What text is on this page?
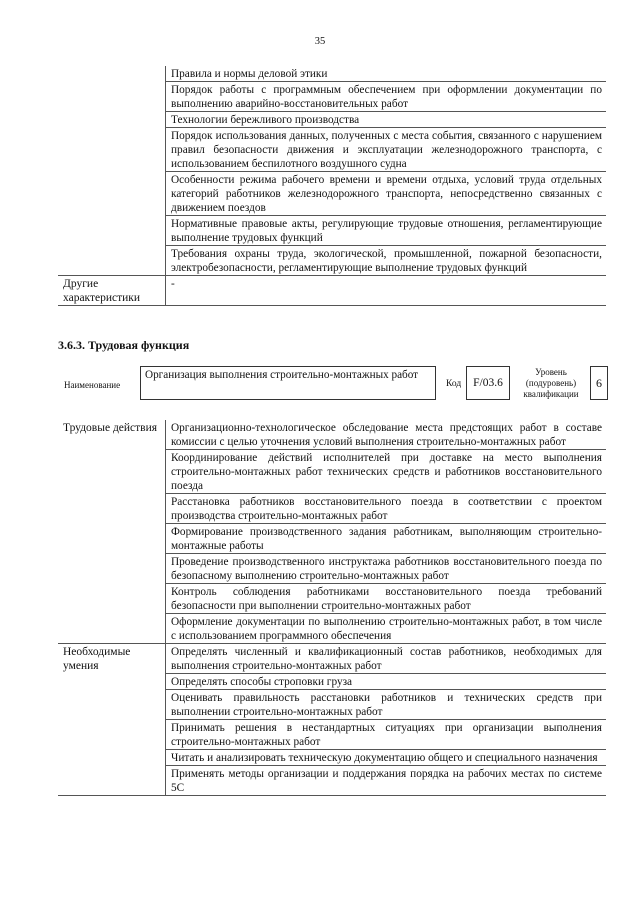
35
	Правила и нормы деловой этики
	Порядок работы с программным обеспечением при оформлении документации по выполнению аварийно-восстановительных работ
	Технологии бережливого производства
	Порядок использования данных, полученных с места события, связанного с нарушением правил безопасности движения и эксплуатации железнодорожного транспорта, с использованием беспилотного воздушного судна
	Особенности режима рабочего времени и времени отдыха, условий труда отдельных категорий работников железнодорожного транспорта, непосредственно связанных с движением поездов
	Нормативные правовые акты, регулирующие трудовые отношения, регламентирующие выполнение трудовых функций
	Требования охраны труда, экологической, промышленной, пожарной безопасности, электробезопасности, регламентирующие выполнение трудовых функций
Другие характеристики	-
3.6.3. Трудовая функция
Наименование
Организация выполнения строительно-монтажных работ
Код	F/03.6
Уровень (подуровень) квалификации
6
Трудовые действия	Организационно-технологическое обследование места предстоящих работ в составе комиссии с целью уточнения условий выполнения строительно-монтажных работ
	Координирование действий исполнителей при доставке на место выполнения строительно-монтажных работ технических средств и работников восстановительного поезда
	Расстановка работников восстановительного поезда в соответствии с проектом производства строительно-монтажных работ
	Формирование производственного задания работникам, выполняющим строительно-монтажные работы
	Проведение производственного инструктажа работников восстановительного поезда по безопасному выполнению строительно-монтажных работ
	Контроль соблюдения работниками восстановительного поезда требований безопасности при выполнении строительно-монтажных работ
	Оформление документации по выполнению строительно-монтажных работ, в том числе с использованием программного обеспечения
Необходимые умения	Определять численный и квалификационный состав работников, необходимых для выполнения строительно-монтажных работ
	Определять способы строповки груза
	Оценивать правильность расстановки работников и технических средств при выполнении строительно-монтажных работ
	Принимать решения в нестандартных ситуациях при организации выполнения строительно-монтажных работ
	Читать и анализировать техническую документацию общего и специального назначения
	Применять методы организации и поддержания порядка на рабочих местах по системе 5С
